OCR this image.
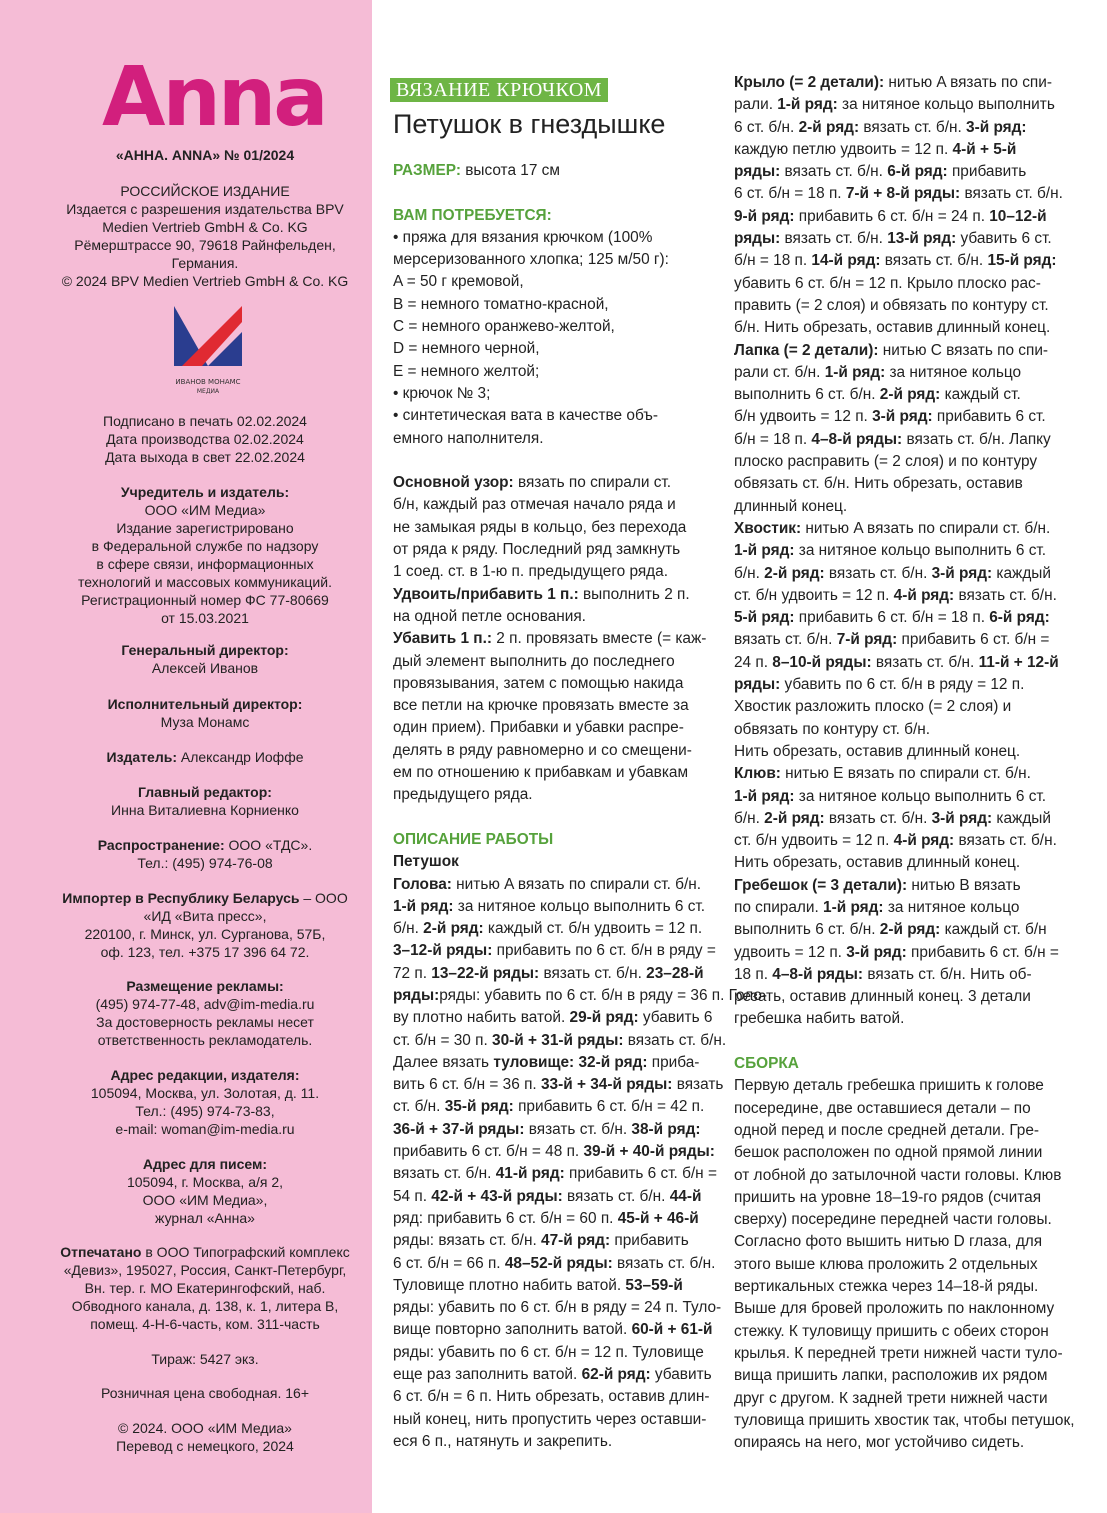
Anna
«АННА. ANNA» № 01/2024
РОССИЙСКОЕ ИЗДАНИЕ
Издается с разрешения издательства BPV
Medien Vertrieb GmbH & Co. KG
Рёмерштрассе 90, 79618 Райнфельден,
Германия.
© 2024 BPV Medien Vertrieb GmbH & Co. KG
ИВАНОВ МОНАМС
МЕДИА
Подписано в печать 02.02.2024
Дата производства 02.02.2024
Дата выхода в свет 22.02.2024
Учредитель и издатель:
ООО «ИМ Медиа»
Издание зарегистрировано
в Федеральной службе по надзору
в сфере связи, информационных
технологий и массовых коммуникаций.
Регистрационный номер ФС 77-80669
от 15.03.2021
Генеральный директор:
Алексей Иванов
Исполнительный директор:
Муза Монамс
Издатель: Александр Иоффе
Главный редактор:
Инна Виталиевна Корниенко
Распространение: ООО «ТДС».
Тел.: (495) 974-76-08
Импортер в Республику Беларусь – ООО
«ИД «Вита пресс»,
220100, г. Минск, ул. Сурганова, 57Б,
оф. 123, тел. +375 17 396 64 72.
Размещение рекламы:
(495) 974-77-48, adv@im-media.ru
За достоверность рекламы несет
ответственность рекламодатель.
Адрес редакции, издателя:
105094, Москва, ул. Золотая, д. 11.
Тел.: (495) 974-73-83,
e-mail: woman@im-media.ru
Адрес для писем:
105094, г. Москва, а/я 2,
ООО «ИМ Медиа»,
журнал «Анна»
Отпечатано в ООО Типографский комплекс
«Девиз», 195027, Россия, Санкт-Петербург,
Вн. тер. г. МО Екатерингофский, наб.
Обводного канала, д. 138, к. 1, литера В,
помещ. 4-Н-6-часть, ком. 311-часть
Тираж: 5427 экз.
Розничная цена свободная. 16+
© 2024. ООО «ИМ Медиа»
Перевод с немецкого, 2024
ВЯЗАНИЕ КРЮЧКОМ
Петушок в гнездышке
РАЗМЕР: высота 17 см
ВАМ ПОТРЕБУЕТСЯ:
• пряжа для вязания крючком (100%
мерсеризованного хлопка; 125 м/50 г):
A = 50 г кремовой,
B = немного томатно-красной,
C = немного оранжево-желтой,
D = немного черной,
E = немного желтой;
• крючок № 3;
• синтетическая вата в качестве объ-
емного наполнителя.
Основной узор: вязать по спирали ст.
б/н, каждый раз отмечая начало ряда и
не замыкая ряды в кольцо, без перехода
от ряда к ряду. Последний ряд замкнуть
1 соед. ст. в 1-ю п. предыдущего ряда.
Удвоить/прибавить 1 п.: выполнить 2 п.
на одной петле основания.
Убавить 1 п.: 2 п. провязать вместе (= каж-
дый элемент выполнить до последнего
провязывания, затем с помощью накида
все петли на крючке провязать вместе за
один прием). Прибавки и убавки распре-
делять в ряду равномерно и со смещени-
ем по отношению к прибавкам и убавкам
предыдущего ряда.
ОПИСАНИЕ РАБОТЫ
Петушок
Голова: нитью A вязать по спирали ст. б/н.
1-й ряд: за нитяное кольцо выполнить 6 ст.
б/н. 2-й ряд: каждый ст. б/н удвоить = 12 п.
3–12-й ряды: прибавить по 6 ст. б/н в ряду =
72 п. 13–22-й ряды: вязать ст. б/н. 23–28-й
ряды:ряды: убавить по 6 ст. б/н в ряду = 36 п. Голо-
ву плотно набить ватой. 29-й ряд: убавить 6
ст. б/н = 30 п. 30-й + 31-й ряды: вязать ст. б/н.
Далее вязать туловище: 32-й ряд: приба-
вить 6 ст. б/н = 36 п. 33-й + 34-й ряды: вязать
ст. б/н. 35-й ряд: прибавить 6 ст. б/н = 42 п.
36-й + 37-й ряды: вязать ст. б/н. 38-й ряд:
прибавить 6 ст. б/н = 48 п. 39-й + 40-й ряды:
вязать ст. б/н. 41-й ряд: прибавить 6 ст. б/н =
54 п. 42-й + 43-й ряды: вязать ст. б/н. 44-й
ряд: прибавить 6 ст. б/н = 60 п. 45-й + 46-й
ряды: вязать ст. б/н. 47-й ряд: прибавить
6 ст. б/н = 66 п. 48–52-й ряды: вязать ст. б/н.
Туловище плотно набить ватой. 53–59-й
ряды: убавить по 6 ст. б/н в ряду = 24 п. Туло-
вище повторно заполнить ватой. 60-й + 61-й
ряды: убавить по 6 ст. б/н = 12 п. Туловище
еще раз заполнить ватой. 62-й ряд: убавить
6 ст. б/н = 6 п. Нить обрезать, оставив длин-
ный конец, нить пропустить через оставши-
еся 6 п., натянуть и закрепить.
Крыло (= 2 детали): нитью A вязать по спи-
рали. 1-й ряд: за нитяное кольцо выполнить
6 ст. б/н. 2-й ряд: вязать ст. б/н. 3-й ряд:
каждую петлю удвоить = 12 п. 4-й + 5-й
ряды: вязать ст. б/н. 6-й ряд: прибавить
6 ст. б/н = 18 п. 7-й + 8-й ряды: вязать ст. б/н.
9-й ряд: прибавить 6 ст. б/н = 24 п. 10–12-й
ряды: вязать ст. б/н. 13-й ряд: убавить 6 ст.
б/н = 18 п. 14-й ряд: вязать ст. б/н. 15-й ряд:
убавить 6 ст. б/н = 12 п. Крыло плоско рас-
править (= 2 слоя) и обвязать по контуру ст.
б/н. Нить обрезать, оставив длинный конец.
Лапка (= 2 детали): нитью C вязать по спи-
рали ст. б/н. 1-й ряд: за нитяное кольцо
выполнить 6 ст. б/н. 2-й ряд: каждый ст.
б/н удвоить = 12 п. 3-й ряд: прибавить 6 ст.
б/н = 18 п. 4–8-й ряды: вязать ст. б/н. Лапку
плоско расправить (= 2 слоя) и по контуру
обвязать ст. б/н. Нить обрезать, оставив
длинный конец.
Хвостик: нитью A вязать по спирали ст. б/н.
1-й ряд: за нитяное кольцо выполнить 6 ст.
б/н. 2-й ряд: вязать ст. б/н. 3-й ряд: каждый
ст. б/н удвоить = 12 п. 4-й ряд: вязать ст. б/н.
5-й ряд: прибавить 6 ст. б/н = 18 п. 6-й ряд:
вязать ст. б/н. 7-й ряд: прибавить 6 ст. б/н =
24 п. 8–10-й ряды: вязать ст. б/н. 11-й + 12-й
ряды: убавить по 6 ст. б/н в ряду = 12 п.
Хвостик разложить плоско (= 2 слоя) и
обвязать по контуру ст. б/н.
Нить обрезать, оставив длинный конец.
Клюв: нитью E вязать по спирали ст. б/н.
1-й ряд: за нитяное кольцо выполнить 6 ст.
б/н. 2-й ряд: вязать ст. б/н. 3-й ряд: каждый
ст. б/н удвоить = 12 п. 4-й ряд: вязать ст. б/н.
Нить обрезать, оставив длинный конец.
Гребешок (= 3 детали): нитью B вязать
по спирали. 1-й ряд: за нитяное кольцо
выполнить 6 ст. б/н. 2-й ряд: каждый ст. б/н
удвоить = 12 п. 3-й ряд: прибавить 6 ст. б/н =
18 п. 4–8-й ряды: вязать ст. б/н. Нить об-
резать, оставив длинный конец. 3 детали
гребешка набить ватой.
СБОРКА
Первую деталь гребешка пришить к голове
посередине, две оставшиеся детали – по
одной перед и после средней детали. Гре-
бешок расположен по одной прямой линии
от лобной до затылочной части головы. Клюв
пришить на уровне 18–19-го рядов (считая
сверху) посередине передней части головы.
Согласно фото вышить нитью D глаза, для
этого выше клюва проложить 2 отдельных
вертикальных стежка через 14–18-й ряды.
Выше для бровей проложить по наклонному
стежку. К туловищу пришить с обеих сторон
крылья. К передней трети нижней части туло-
вища пришить лапки, расположив их рядом
друг с другом. К задней трети нижней части
туловища пришить хвостик так, чтобы петушок,
опираясь на него, мог устойчиво сидеть.
